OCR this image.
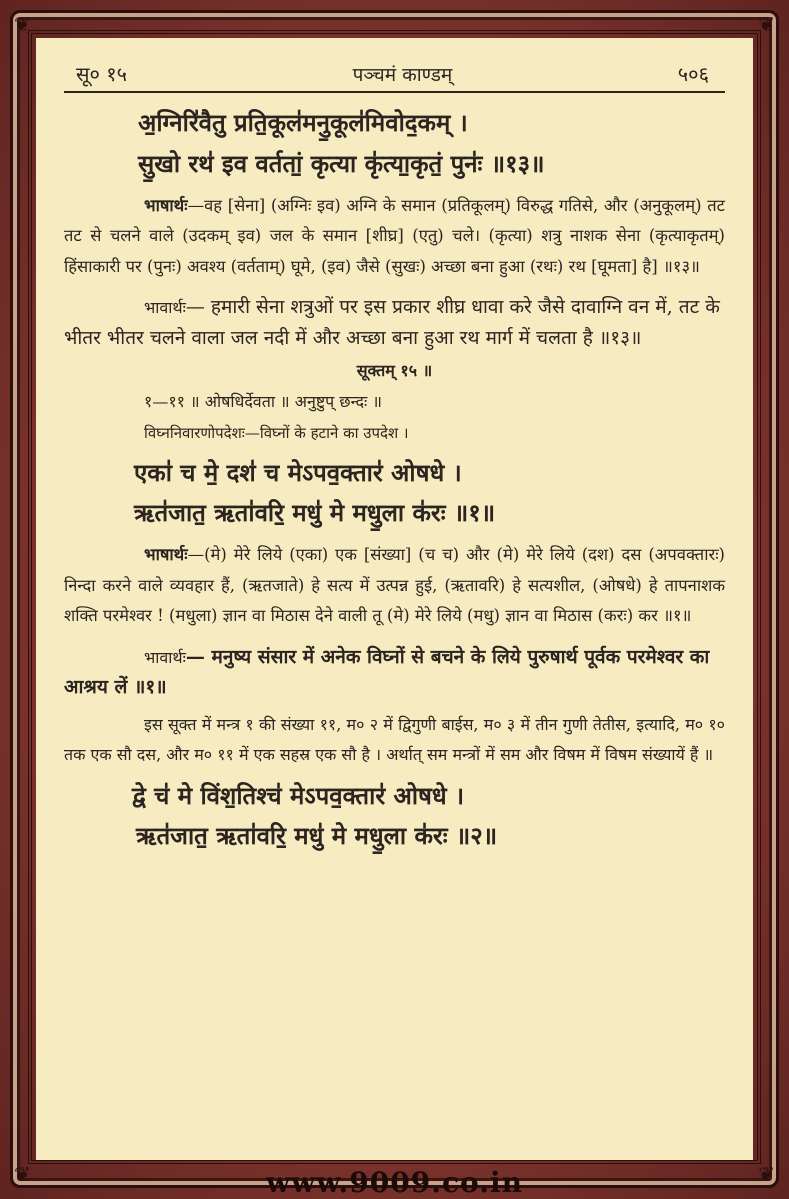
❦	❦
❦	❦
सू० १५	पञ्चमं काण्डम्	५०६

अ॒ग्निरि॑वैतु प्रति॒कूल॑मनु॒कूल॑मिवोद॒कम् ।

सु॒खो रथ॑ इव वर्ततां॒ कृत्या कृ॑त्या॒कृतं॒ पुनः॑ ॥१३॥

भाषार्थः—वह [सेना] (अग्निः इव) अग्नि के समान (प्रतिकूलम्) विरुद्ध गतिसे, और (अनुकूलम्) तट तट से चलने वाले (उदकम् इव) जल के समान [शीघ्र] (एतु) चले। (कृत्या) शत्रु नाशक सेना (कृत्याकृतम्) हिंसाकारी पर (पुनः) अवश्य (वर्तताम्) घूमे, (इव) जैसे (सुखः) अच्छा बना हुआ (रथः) रथ [घूमता] है] ॥१३॥

भावार्थः— हमारी सेना शत्रुओं पर इस प्रकार शीघ्र धावा करे जैसे दावाग्नि वन में, तट के भीतर भीतर चलने वाला जल नदी में और अच्छा बना हुआ रथ मार्ग में चलता है ॥१३॥

सूक्तम् १५ ॥
१—११ ॥ ओषधिर्देवता ॥ अनुष्टुप् छन्दः ॥
विघ्ननिवारणोपदेशः—विघ्नों के हटाने का उपदेश ।

एका॑ च मे॒ दश॑ च मेऽपव॒क्तार॑ ओषधे ।

ऋत॑जात॒ ऋता॑वरि॒ मधु॑ मे मधु॒ला क॑रः ॥१॥

भाषार्थः—(मे) मेरे लिये (एका) एक [संख्या] (च च) और (मे) मेरे लिये (दश) दस (अपवक्तारः) निन्दा करने वाले व्यवहार हैं, (ऋतजाते) हे सत्य में उत्पन्न हुई, (ऋतावरि) हे सत्यशील, (ओषधे) हे तापनाशक शक्ति परमेश्वर ! (मधुला) ज्ञान वा मिठास देने वाली तू (मे) मेरे लिये (मधु) ज्ञान वा मिठास (करः) कर ॥१॥

भावार्थः— मनुष्य संसार में अनेक विघ्नों से बचने के लिये पुरुषार्थ पूर्वक परमेश्वर का आश्रय लें ॥१॥

इस सूक्त में मन्त्र १ की संख्या ११, म० २ में द्विगुणी बाईस, म० ३ में तीन गुणी तेतीस, इत्यादि, म० १० तक एक सौ दस, और म० ११ में एक सहस्र एक सौ है । अर्थात् सम मन्त्रों में सम और विषम में विषम संख्यायें हैं ॥

द्वे च॑ मे विंश॒तिश्च॑ मेऽपव॒क्तार॑ ओषधे ।

ऋत॑जात॒ ऋता॑वरि॒ मधु॑ मे मधु॒ला क॑रः ॥२॥

www.9009.co.in
